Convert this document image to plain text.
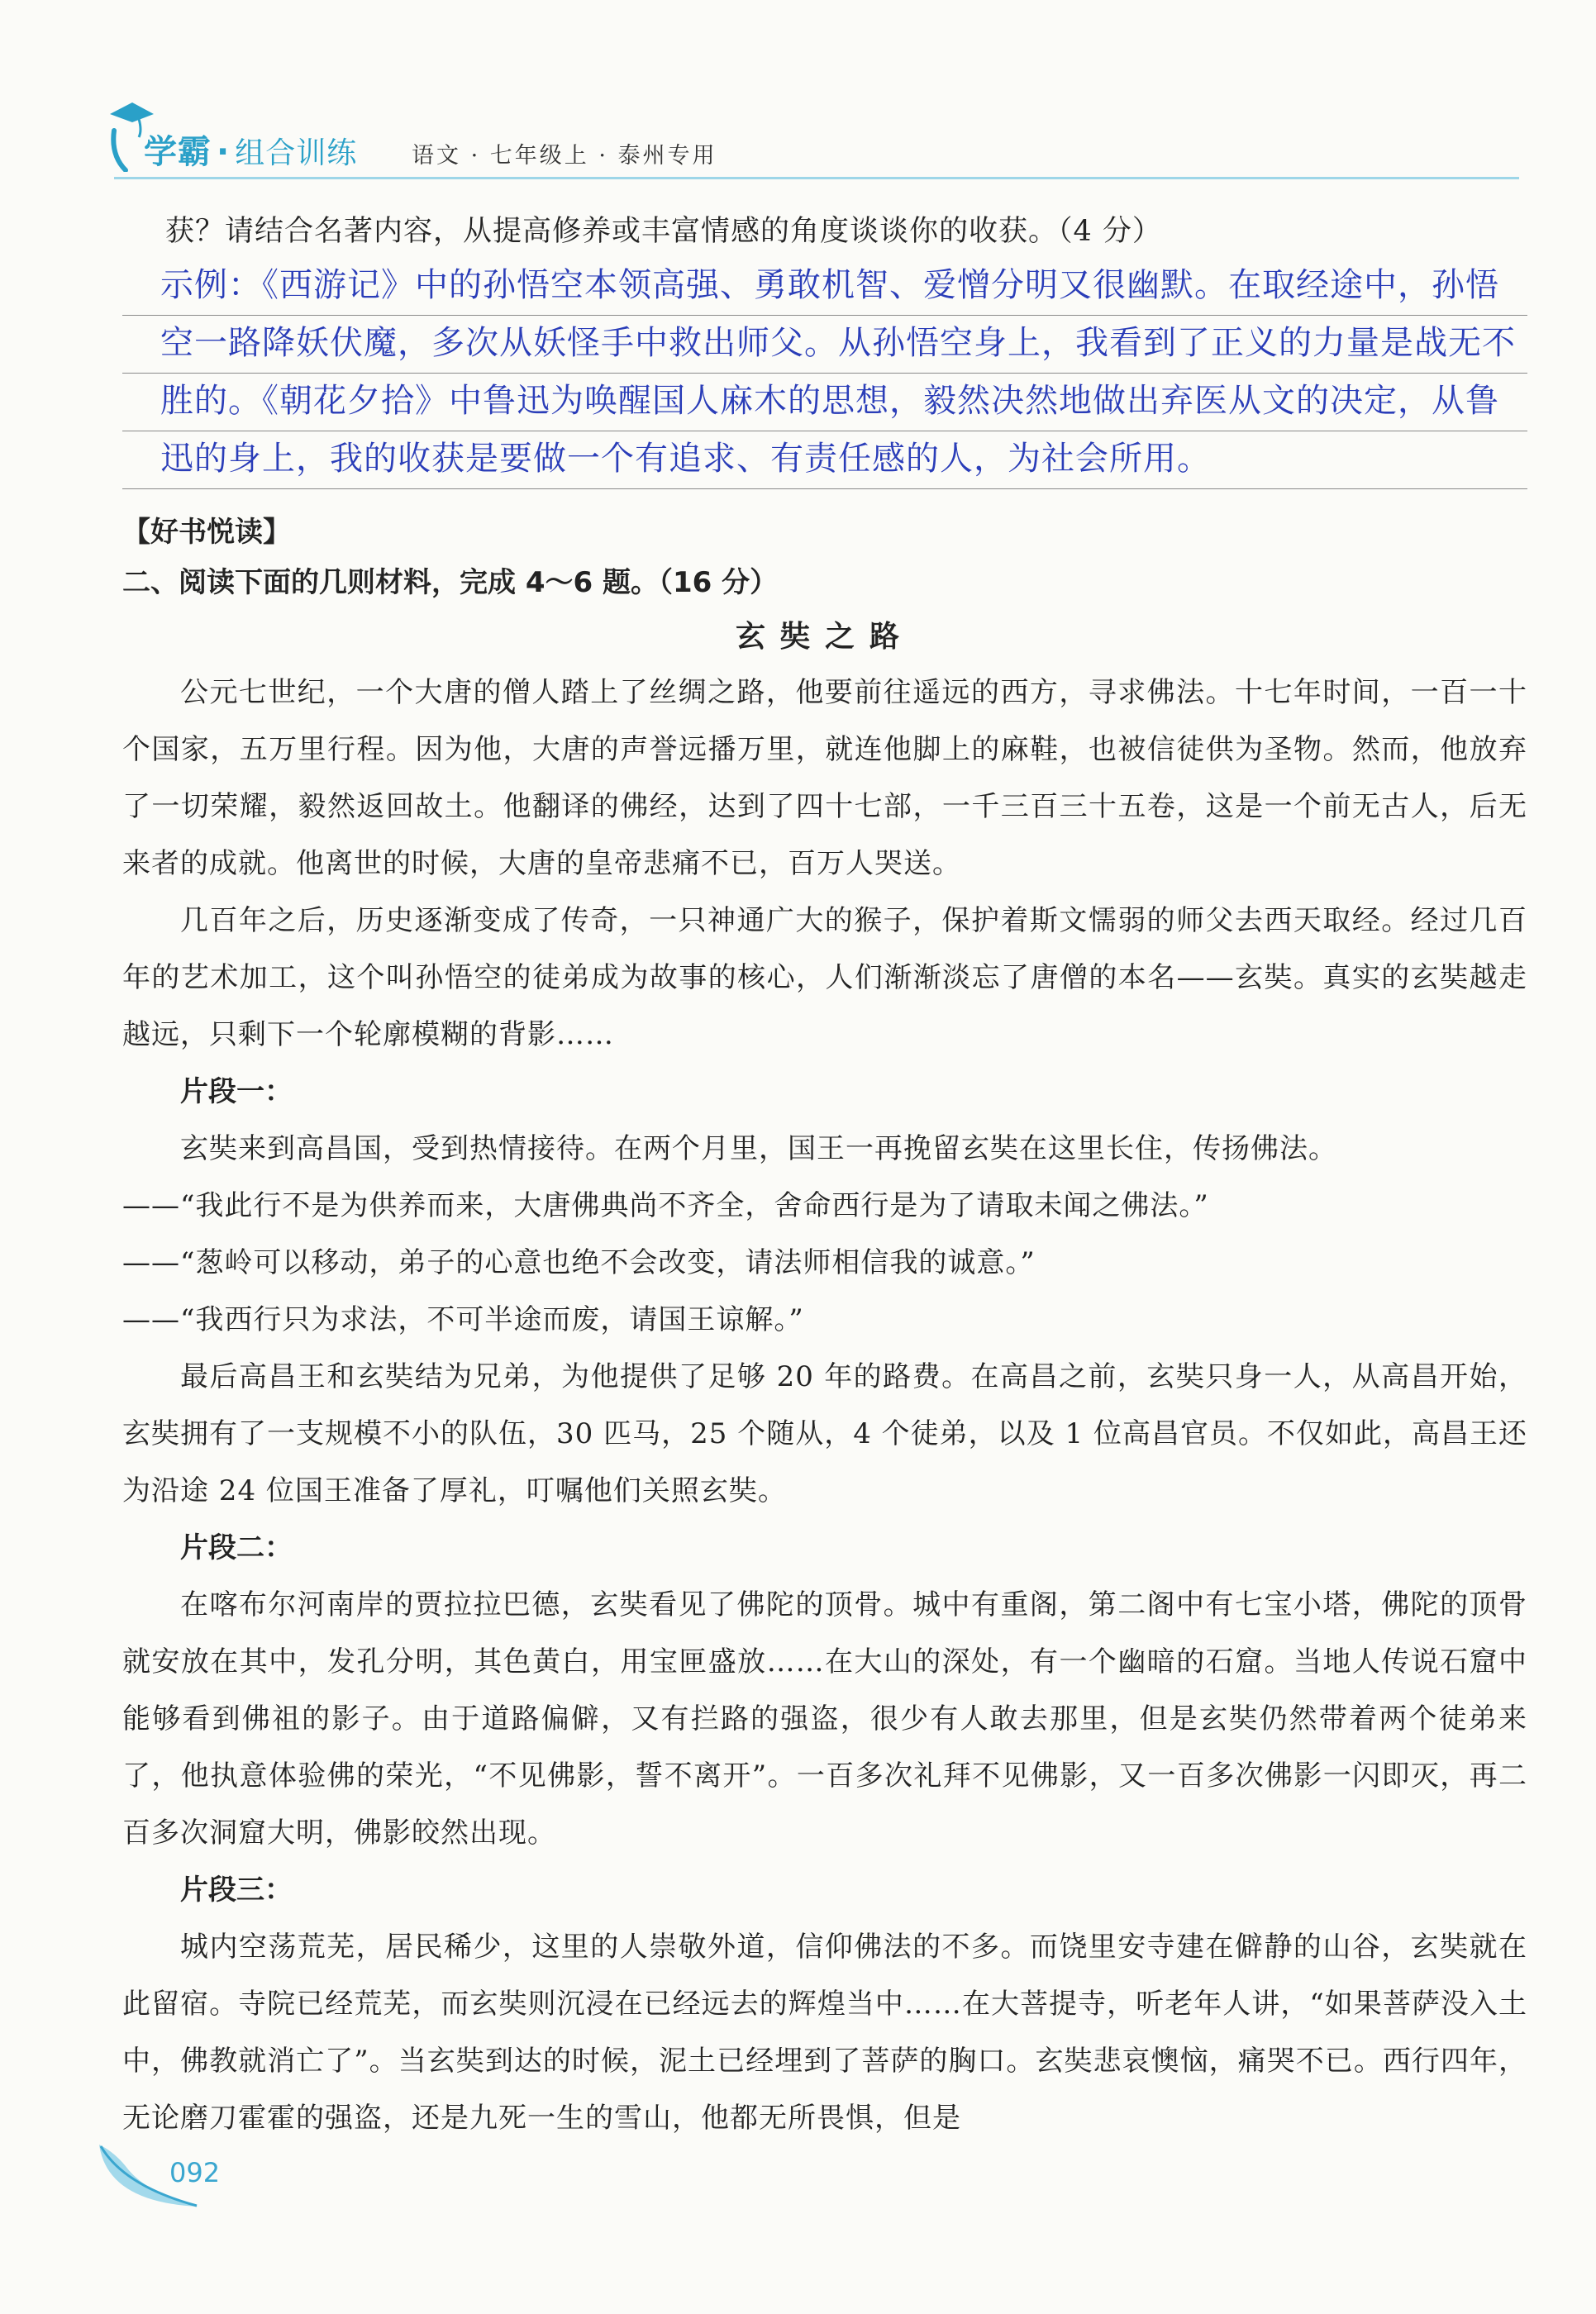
学霸 · 组合训练 语文 · 七年级上 · 泰州专用

获？请结合名著内容，从提高修养或丰富情感的角度谈谈你的收获。（4 分）

示例：《西游记》中的孙悟空本领高强、勇敢机智、爱憎分明又很幽默。在取经途中，孙悟
空一路降妖伏魔，多次从妖怪手中救出师父。从孙悟空身上，我看到了正义的力量是战无不
胜的。《朝花夕拾》中鲁迅为唤醒国人麻木的思想，毅然决然地做出弃医从文的决定，从鲁
迅的身上，我的收获是要做一个有追求、有责任感的人，为社会所用。
【好书悦读】
二、阅读下面的几则材料，完成 4～6 题。（16 分）
玄奘之路

公元七世纪，一个大唐的僧人踏上了丝绸之路，他要前往遥远的西方，寻求佛法。十七年时间，一百一十个国家，五万里行程。因为他，大唐的声誉远播万里，就连他脚上的麻鞋，也被信徒供为圣物。然而，他放弃了一切荣耀，毅然返回故土。他翻译的佛经，达到了四十七部，一千三百三十五卷，这是一个前无古人，后无来者的成就。他离世的时候，大唐的皇帝悲痛不已，百万人哭送。

几百年之后，历史逐渐变成了传奇，一只神通广大的猴子，保护着斯文懦弱的师父去西天取经。经过几百年的艺术加工，这个叫孙悟空的徒弟成为故事的核心，人们渐渐淡忘了唐僧的本名——玄奘。真实的玄奘越走越远，只剩下一个轮廓模糊的背影……

片段一：

玄奘来到高昌国，受到热情接待。在两个月里，国王一再挽留玄奘在这里长住，传扬佛法。

——“我此行不是为供养而来，大唐佛典尚不齐全，舍命西行是为了请取未闻之佛法。”

——“葱岭可以移动，弟子的心意也绝不会改变，请法师相信我的诚意。”

——“我西行只为求法，不可半途而废，请国王谅解。”

最后高昌王和玄奘结为兄弟，为他提供了足够 20 年的路费。在高昌之前，玄奘只身一人，从高昌开始，玄奘拥有了一支规模不小的队伍，30 匹马，25 个随从，4 个徒弟，以及 1 位高昌官员。不仅如此，高昌王还为沿途 24 位国王准备了厚礼，叮嘱他们关照玄奘。

片段二：

在喀布尔河南岸的贾拉拉巴德，玄奘看见了佛陀的顶骨。城中有重阁，第二阁中有七宝小塔，佛陀的顶骨就安放在其中，发孔分明，其色黄白，用宝匣盛放……在大山的深处，有一个幽暗的石窟。当地人传说石窟中能够看到佛祖的影子。由于道路偏僻，又有拦路的强盗，很少有人敢去那里，但是玄奘仍然带着两个徒弟来了，他执意体验佛的荣光，“不见佛影，誓不离开”。一百多次礼拜不见佛影，又一百多次佛影一闪即灭，再二百多次洞窟大明，佛影皎然出现。

片段三：

城内空荡荒芜，居民稀少，这里的人崇敬外道，信仰佛法的不多。而饶里安寺建在僻静的山谷，玄奘就在此留宿。寺院已经荒芜，而玄奘则沉浸在已经远去的辉煌当中……在大菩提寺，听老年人讲，“如果菩萨没入土中，佛教就消亡了”。当玄奘到达的时候，泥土已经埋到了菩萨的胸口。玄奘悲哀懊恼，痛哭不已。西行四年，无论磨刀霍霍的强盗，还是九死一生的雪山，他都无所畏惧，但是

092
